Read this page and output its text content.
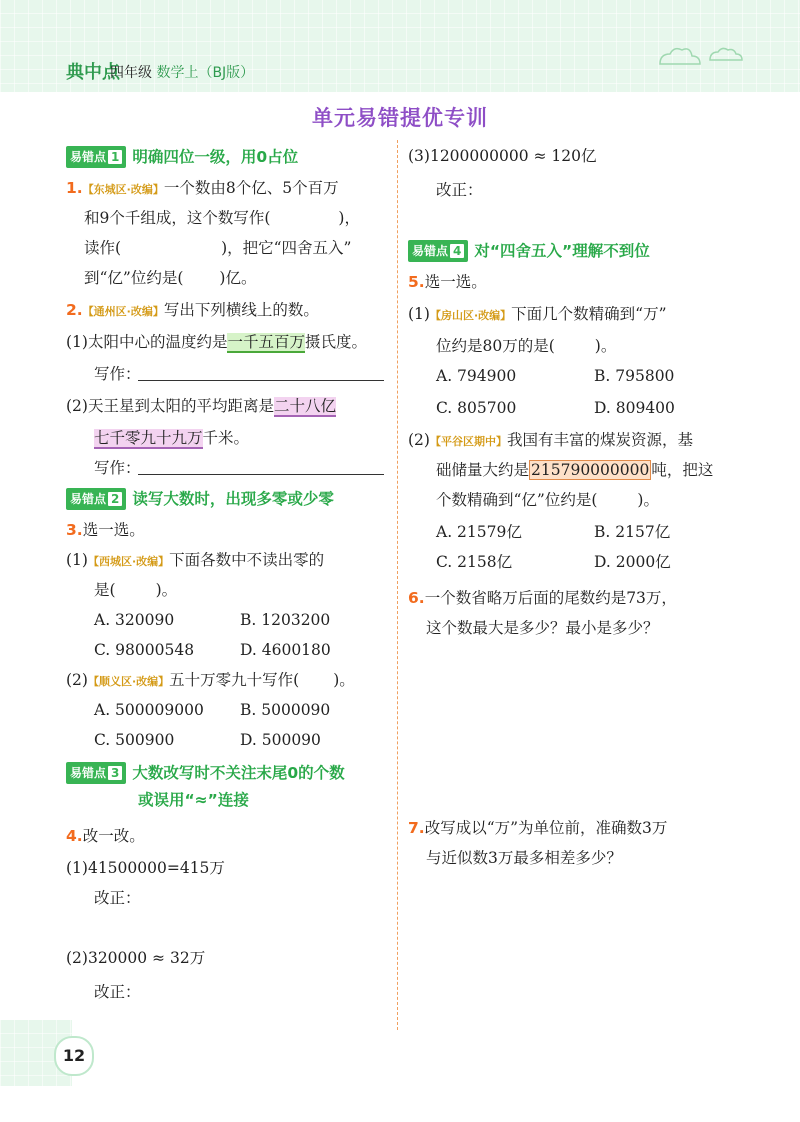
典中点
四年级 数学上（BJ版）
单元易错提优专训
易错点 1 明确四位一级，用0占位
1.【东城区·改编】一个数由8个亿、5个百万
和9个千组成，这个数写作(	)，
读作(	)，把它“四舍五入”
到“亿”位约是( )亿。
2.【通州区·改编】写出下列横线上的数。
(1)太阳中心的温度约是一千五百万摄氏度。
写作：
(2)天王星到太阳的平均距离是二十八亿
七千零九十九万千米。
写作：
易错点 2 读写大数时，出现多零或少零
3.选一选。
(1)【西城区·改编】下面各数中不读出零的
是(	)。
A. 320090	B. 1203200
C. 98000548	D. 4600180
(2)【顺义区·改编】五十万零九十写作( )。
A. 500009000 B. 5000090
C. 500900	D. 500090
易错点 3 大数改写时不关注末尾0的个数
或误用“≈”连接
4.改一改。
(1)41500000=415万
改正：
(2)320000 ≈ 32万
改正：
(3)1200000000 ≈ 120亿
改正：
易错点 4 对“四舍五入”理解不到位
5.选一选。
(1)【房山区·改编】下面几个数精确到“万”
位约是80万的是(	)。
A. 794900	B. 795800
C. 805700	D. 809400
(2)【平谷区期中】我国有丰富的煤炭资源，基
础储量大约是 215790000000 吨，把这
个数精确到“亿”位约是(	)。
A. 21579亿	B. 2157亿
C. 2158亿	D. 2000亿
6.一个数省略万后面的尾数约是73万，
这个数最大是多少？最小是多少？
7.改写成以“万”为单位前，准确数3万
与近似数3万最多相差多少？
12
